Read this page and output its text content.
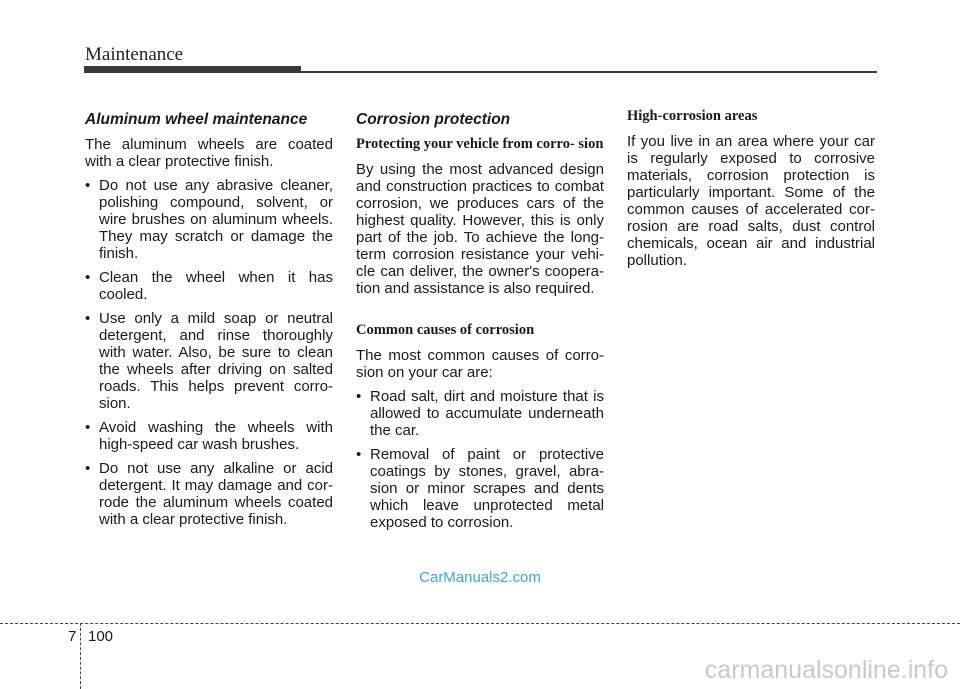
Maintenance
Aluminum wheel maintenance
The aluminum wheels are coated with a clear protective finish.
• Do not use any abrasive cleaner, polishing compound, solvent, or wire brushes on aluminum wheels. They may scratch or damage the finish.
• Clean the wheel when it has cooled.
• Use only a mild soap or neutral detergent, and rinse thoroughly with water. Also, be sure to clean the wheels after driving on salted roads. This helps prevent corro- sion.
• Avoid washing the wheels with high-speed car wash brushes.
• Do not use any alkaline or acid detergent. It may damage and cor- rode the aluminum wheels coated with a clear protective finish.
Corrosion protection
Protecting your vehicle from corro- sion
By using the most advanced design and construction practices to combat corrosion, we produces cars of the highest quality. However, this is only part of the job. To achieve the long- term corrosion resistance your vehi- cle can deliver, the owner's coopera- tion and assistance is also required.
Common causes of corrosion
The most common causes of corro- sion on your car are:
• Road salt, dirt and moisture that is allowed to accumulate underneath the car.
• Removal of paint or protective coatings by stones, gravel, abra- sion or minor scrapes and dents which leave unprotected metal exposed to corrosion.
High-corrosion areas
If you live in an area where your car is regularly exposed to corrosive materials, corrosion protection is particularly important. Some of the common causes of accelerated cor- rosion are road salts, dust control chemicals, ocean air and industrial pollution.
CarManuals2.com
7 100
carmanualsonline.info
